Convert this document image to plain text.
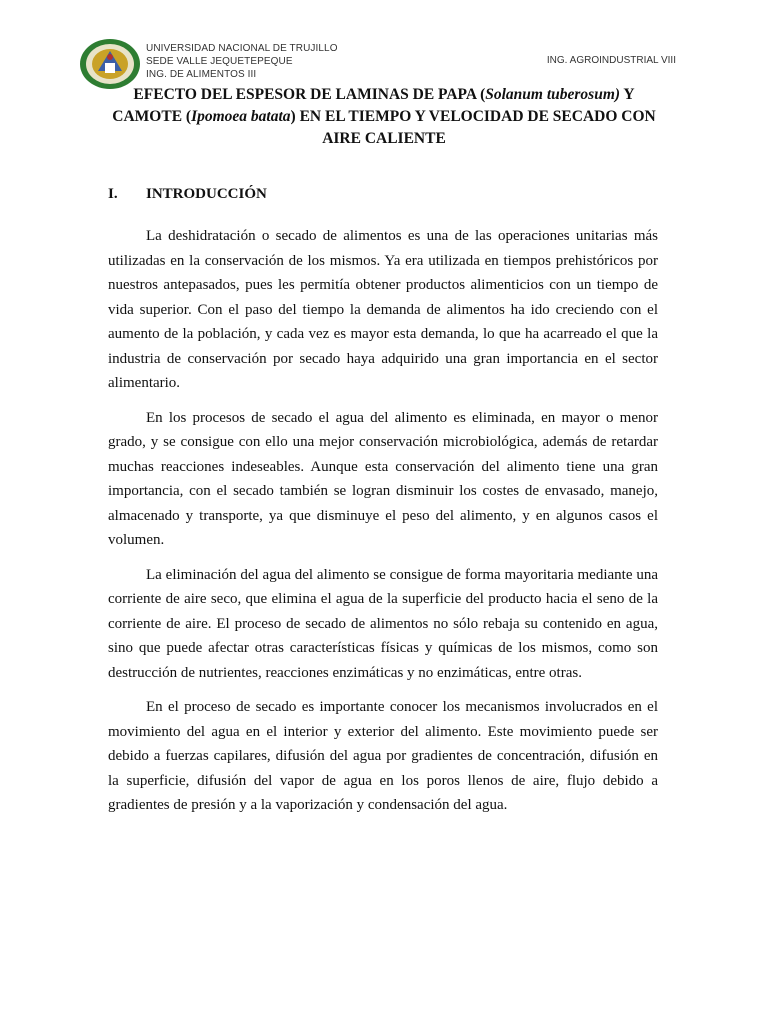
UNIVERSIDAD NACIONAL DE TRUJILLO
SEDE VALLE JEQUETEPEQUE
ING. DE ALIMENTOS III
ING. AGROINDUSTRIAL VIII
EFECTO DEL ESPESOR DE LAMINAS DE PAPA (Solanum tuberosum) Y CAMOTE (Ipomoea batata) EN EL TIEMPO Y VELOCIDAD DE SECADO CON AIRE CALIENTE
I. INTRODUCCIÓN

La deshidratación o secado de alimentos es una de las operaciones unitarias más utilizadas en la conservación de los mismos. Ya era utilizada en tiempos prehistóricos por nuestros antepasados, pues les permitía obtener productos alimenticios con un tiempo de vida superior. Con el paso del tiempo la demanda de alimentos ha ido creciendo con el aumento de la población, y cada vez es mayor esta demanda, lo que ha acarreado el que la industria de conservación por secado haya adquirido una gran importancia en el sector alimentario.

En los procesos de secado el agua del alimento es eliminada, en mayor o menor grado, y se consigue con ello una mejor conservación microbiológica, además de retardar muchas reacciones indeseables. Aunque esta conservación del alimento tiene una gran importancia, con el secado también se logran disminuir los costes de envasado, manejo, almacenado y transporte, ya que disminuye el peso del alimento, y en algunos casos el volumen.

La eliminación del agua del alimento se consigue de forma mayoritaria mediante una corriente de aire seco, que elimina el agua de la superficie del producto hacia el seno de la corriente de aire. El proceso de secado de alimentos no sólo rebaja su contenido en agua, sino que puede afectar otras características físicas y químicas de los mismos, como son destrucción de nutrientes, reacciones enzimáticas y no enzimáticas, entre otras.

En el proceso de secado es importante conocer los mecanismos involucrados en el movimiento del agua en el interior y exterior del alimento. Este movimiento puede ser debido a fuerzas capilares, difusión del agua por gradientes de concentración, difusión en la superficie, difusión del vapor de agua en los poros llenos de aire, flujo debido a gradientes de presión y a la vaporización y condensación del agua.
